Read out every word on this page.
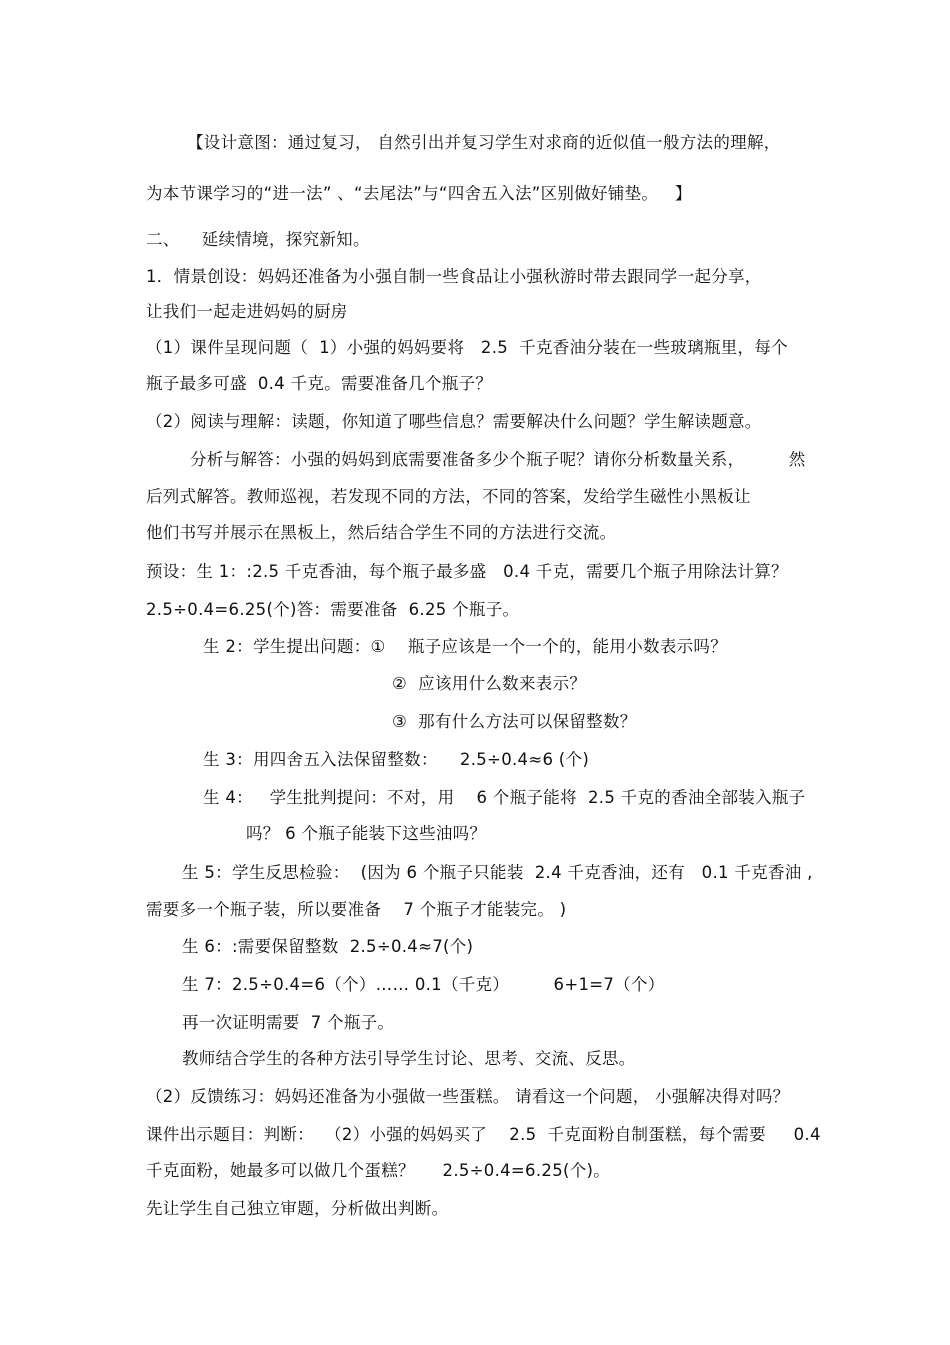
【设计意图：通过复习， 自然引出并复习学生对求商的近似值一般方法的理解，
为本节课学习的“进一法” 、“去尾法”与“四舍五入法”区别做好铺垫。   】
二、    延续情境，探究新知。
1．情景创设：妈妈还准备为小强自制一些食品让小强秋游时带去跟同学一起分享，
让我们一起走进妈妈的厨房
（1）课件呈现问题（  1）小强的妈妈要将   2.5  千克香油分装在一些玻璃瓶里，每个
瓶子最多可盛  0.4 千克。需要准备几个瓶子？
（2）阅读与理解：读题，你知道了哪些信息？需要解决什么问题？学生解读题意。
分析与解答：小强的妈妈到底需要准备多少个瓶子呢？请你分析数量关系，        然
后列式解答。教师巡视，若发现不同的方法，不同的答案，发给学生磁性小黑板让
他们书写并展示在黑板上，然后结合学生不同的方法进行交流。
预设：生 1：:2.5 千克香油，每个瓶子最多盛   0.4 千克，需要几个瓶子用除法计算？
2.5÷0.4=6.25(个)答：需要准备  6.25 个瓶子。
生 2：学生提出问题：①    瓶子应该是一个一个的，能用小数表示吗？
②  应该用什么数来表示？
③  那有什么方法可以保留整数？
生 3：用四舍五入法保留整数：    2.5÷0.4≈6 (个)
生 4：   学生批判提问：不对，用    6 个瓶子能将  2.5 千克的香油全部装入瓶子
吗？ 6 个瓶子能装下这些油吗？
生 5：学生反思检验：  (因为 6 个瓶子只能装  2.4 千克香油，还有   0.1 千克香油 ,
需要多一个瓶子装，所以要准备    7 个瓶子才能装完。 )
生 6：:需要保留整数  2.5÷0.4≈7(个)
生 7：2.5÷0.4=6（个）…… 0.1（千克）        6+1=7（个）
再一次证明需要  7 个瓶子。
教师结合学生的各种方法引导学生讨论、思考、交流、反思。
（2）反馈练习：妈妈还准备为小强做一些蛋糕。 请看这一个问题， 小强解决得对吗？
课件出示题目：判断：  （2）小强的妈妈买了    2.5  千克面粉自制蛋糕，每个需要     0.4
千克面粉，她最多可以做几个蛋糕？     2.5÷0.4=6.25(个)。
先让学生自己独立审题，分析做出判断。
